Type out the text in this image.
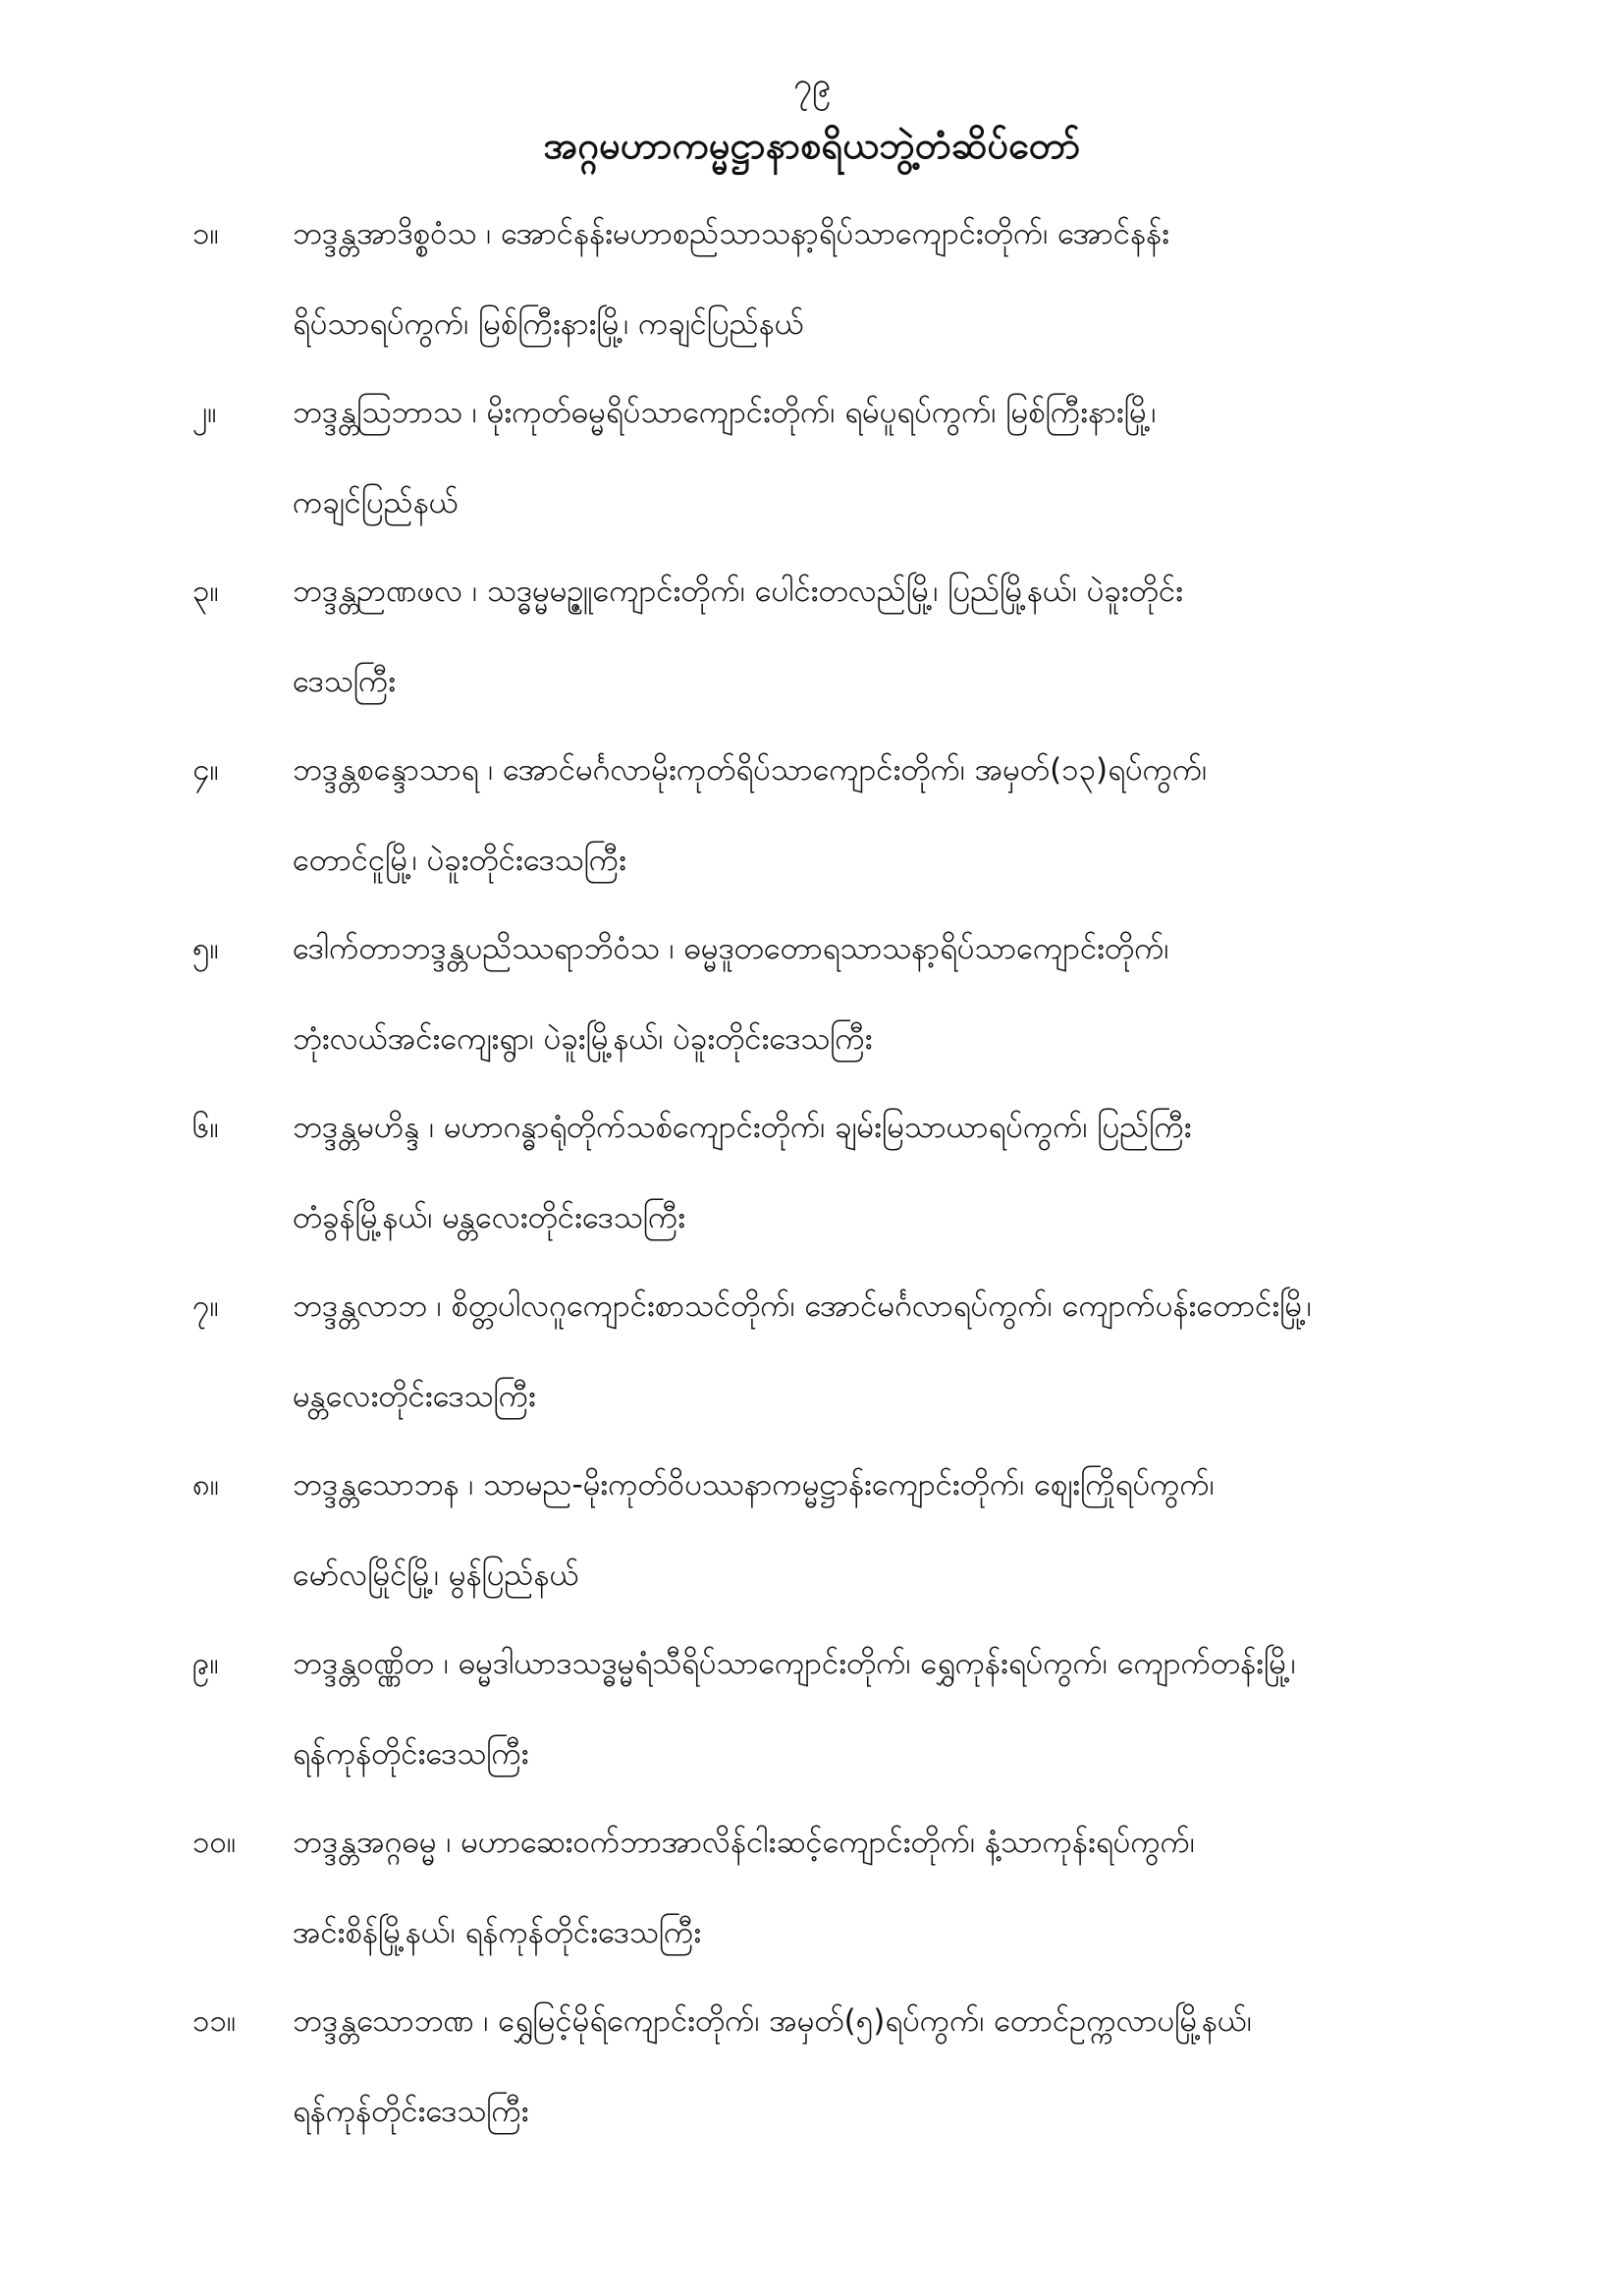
၇၉
အဂ္ဂမဟာကမ္မဋ္ဌာနာစရိယဘွဲ့တံဆိပ်တော်
၁။	ဘဒ္ဒန္တအာဒိစ္စဝံသ ၊ အောင်နန်းမဟာစည်သာသနာ့ရိပ်သာကျောင်းတိုက်၊ အောင်နန်း
ရိပ်သာရပ်ကွက်၊ မြစ်ကြီးနားမြို့၊ ကချင်ပြည်နယ်
၂။	ဘဒ္ဒန္တသြဘာသ ၊ မိုးကုတ်ဓမ္မရိပ်သာကျောင်းတိုက်၊ ရမ်ပူရပ်ကွက်၊ မြစ်ကြီးနားမြို့၊
ကချင်ပြည်နယ်
၃။	ဘဒ္ဒန္တဉာဏဖလ ၊ သဒ္ဓမ္မမဉ္ဇူကျောင်းတိုက်၊ ပေါင်းတလည်မြို့၊ ပြည်မြို့နယ်၊ ပဲခူးတိုင်း
ဒေသကြီး
၄။	ဘဒ္ဒန္တစန္ဒောသာရ ၊ အောင်မင်္ဂလာမိုးကုတ်ရိပ်သာကျောင်းတိုက်၊ အမှတ်(၁၃)ရပ်ကွက်၊
တောင်ငူမြို့၊ ပဲခူးတိုင်းဒေသကြီး
၅။	ဒေါက်တာဘဒ္ဒန္တပညိဿရာဘိဝံသ ၊ ဓမ္မဒူတတောရသာသနာ့ရိပ်သာကျောင်းတိုက်၊
ဘုံးလယ်အင်းကျေးရွာ၊ ပဲခူးမြို့နယ်၊ ပဲခူးတိုင်းဒေသကြီး
၆။	ဘဒ္ဒန္တမဟိန္ဒ ၊ မဟာဂန္ဓာရုံတိုက်သစ်ကျောင်းတိုက်၊ ချမ်းမြသာယာရပ်ကွက်၊ ပြည်ကြီး
တံခွန်မြို့နယ်၊ မန္တလေးတိုင်းဒေသကြီး
၇။	ဘဒ္ဒန္တလာဘ ၊ စိတ္တပါလဂူကျောင်းစာသင်တိုက်၊ အောင်မင်္ဂလာရပ်ကွက်၊ ကျောက်ပန်းတောင်းမြို့၊
မန္တလေးတိုင်းဒေသကြီး
၈။	ဘဒ္ဒန္တသောဘန ၊ သာမည-မိုးကုတ်ဝိပဿနာကမ္မဋ္ဌာန်းကျောင်းတိုက်၊ စျေးကြိုရပ်ကွက်၊
မော်လမြိုင်မြို့၊ မွန်ပြည်နယ်
၉။	ဘဒ္ဒန္တဝဏ္ဏိတ ၊ ဓမ္မဒါယာဒသဒ္ဓမ္မရံသီရိပ်သာကျောင်းတိုက်၊ ရွှေကုန်းရပ်ကွက်၊ ကျောက်တန်းမြို့၊
ရန်ကုန်တိုင်းဒေသကြီး
၁၀။	ဘဒ္ဒန္တအဂ္ဂဓမ္မ ၊ မဟာဆေးဝက်ဘာအာလိန်ငါးဆင့်ကျောင်းတိုက်၊ နံ့သာကုန်းရပ်ကွက်၊
အင်းစိန်မြို့နယ်၊ ရန်ကုန်တိုင်းဒေသကြီး
၁၁။	ဘဒ္ဒန္တသောဘဏ ၊ ရွှေမြင့်မိုရ်ကျောင်းတိုက်၊ အမှတ်(၅)ရပ်ကွက်၊ တောင်ဥက္ကလာပမြို့နယ်၊
ရန်ကုန်တိုင်းဒေသကြီး
